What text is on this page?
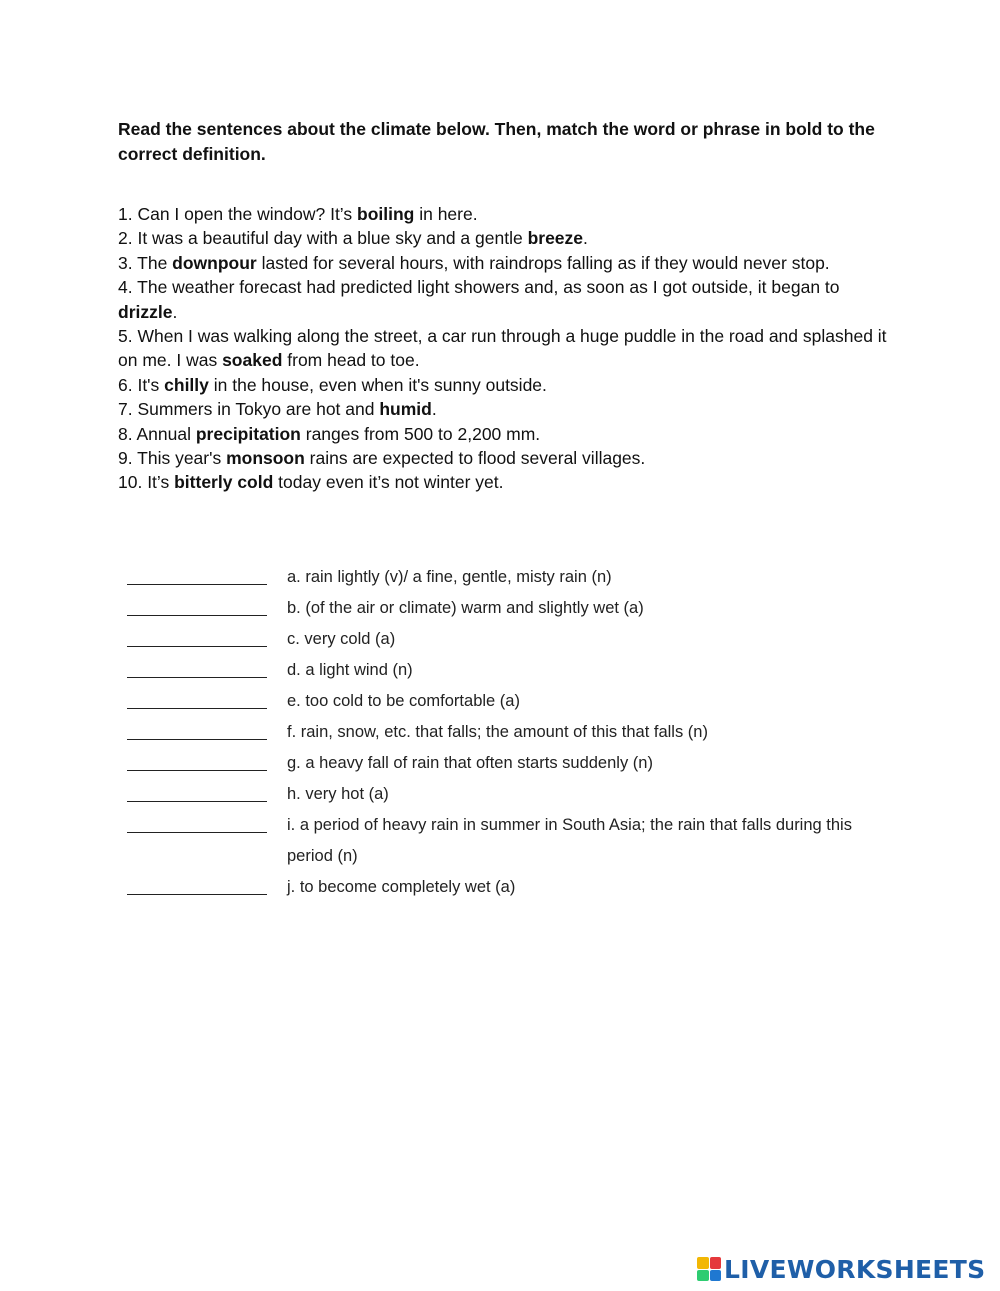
Read the sentences about the climate below. Then, match the word or phrase in bold to the correct definition.
1. Can I open the window? It’s boiling in here.
2. It was a beautiful day with a blue sky and a gentle breeze.
3. The downpour lasted for several hours, with raindrops falling as if they would never stop.
4. The weather forecast had predicted light showers and, as soon as I got outside, it began to drizzle.
5. When I was walking along the street, a car run through a huge puddle in the road and splashed it on me. I was soaked from head to toe.
6. It's chilly in the house, even when it's sunny outside.
7. Summers in Tokyo are hot and humid.
8. Annual precipitation ranges from 500 to 2,200 mm.
9. This year's monsoon rains are expected to flood several villages.
10. It’s bitterly cold today even it’s not winter yet.
a. rain lightly (v)/ a fine, gentle, misty rain (n)
b. (of the air or climate) warm and slightly wet (a)
c. very cold (a)
d. a light wind (n)
e. too cold to be comfortable (a)
f. rain, snow, etc. that falls; the amount of this that falls (n)
g. a heavy fall of rain that often starts suddenly (n)
h. very hot (a)
i. a period of heavy rain in summer in South Asia; the rain that falls during this period (n)
j. to become completely wet (a)
LIVEWORKSHEETS
